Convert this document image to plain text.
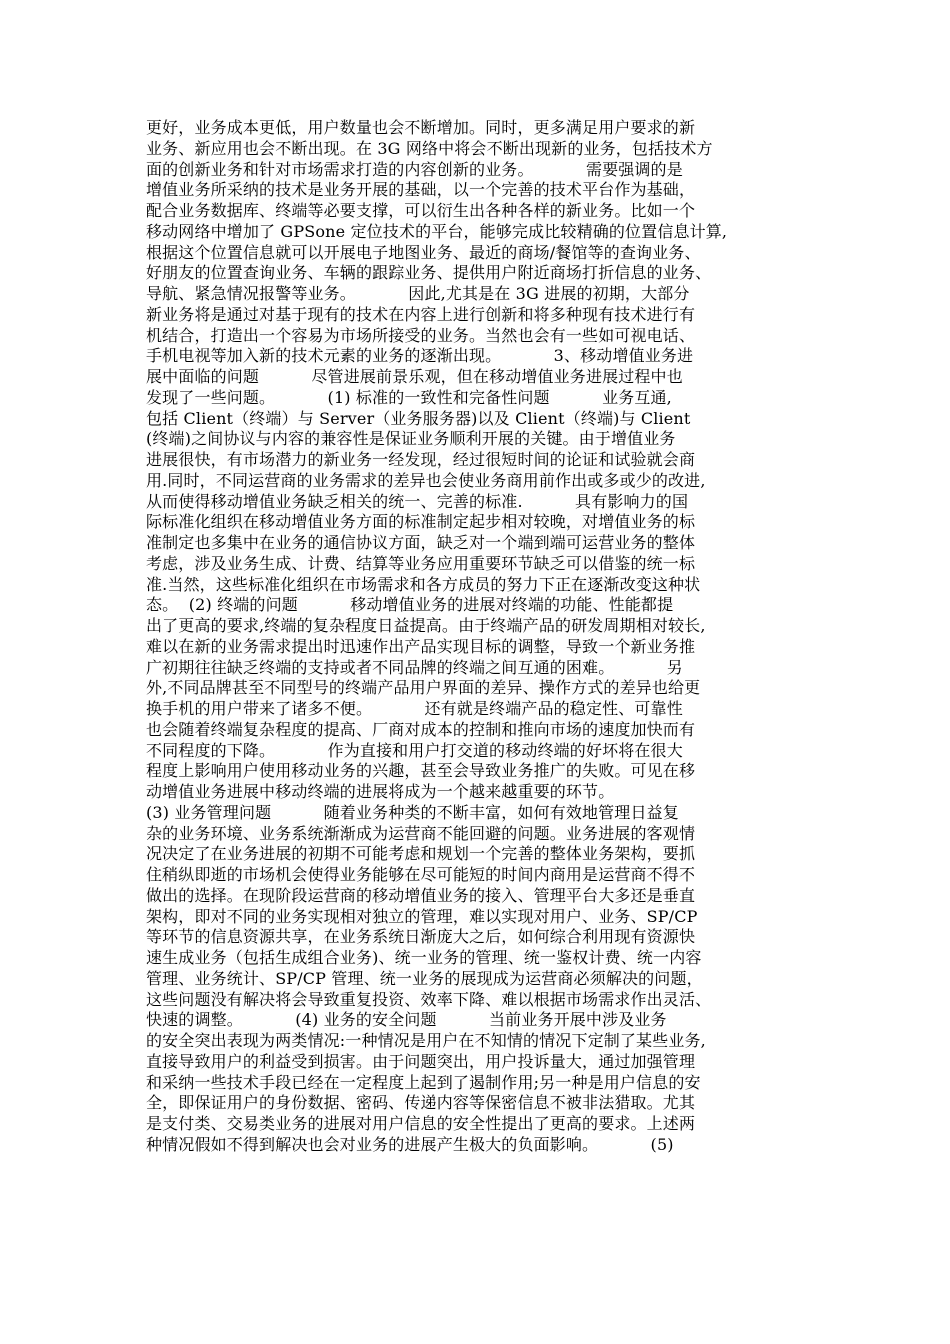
更好，业务成本更低，用户数量也会不断增加。同时，更多满足用户要求的新
业务、新应用也会不断出现。在 3G 网络中将会不断出现新的业务，包括技术方
面的创新业务和针对市场需求打造的内容创新的业务。          需要强调的是
增值业务所采纳的技术是业务开展的基础，以一个完善的技术平台作为基础，
配合业务数据库、终端等必要支撑，可以衍生出各种各样的新业务。比如一个
移动网络中增加了 GPSone 定位技术的平台，能够完成比较精确的位置信息计算,
根据这个位置信息就可以开展电子地图业务、最近的商场/餐馆等的查询业务、
好朋友的位置查询业务、车辆的跟踪业务、提供用户附近商场打折信息的业务、
导航、紧急情况报警等业务。          因此,尤其是在 3G 进展的初期，大部分
新业务将是通过对基于现有的技术在内容上进行创新和将多种现有技术进行有
机结合，打造出一个容易为市场所接受的业务。当然也会有一些如可视电话、
手机电视等加入新的技术元素的业务的逐渐出现。          3、移动增值业务进
展中面临的问题          尽管进展前景乐观，但在移动增值业务进展过程中也
发现了一些问题。          (1) 标准的一致性和完备性问题          业务互通,
包括 Client（终端）与 Server（业务服务器)以及 Client（终端)与 Client
(终端)之间协议与内容的兼容性是保证业务顺利开展的关键。由于增值业务
进展很快，有市场潜力的新业务一经发现，经过很短时间的论证和试验就会商
用.同时，不同运营商的业务需求的差异也会使业务商用前作出或多或少的改进,
从而使得移动增值业务缺乏相关的统一、完善的标准.          具有影响力的国
际标准化组织在移动增值业务方面的标准制定起步相对较晚，对增值业务的标
准制定也多集中在业务的通信协议方面，缺乏对一个端到端可运营业务的整体
考虑，涉及业务生成、计费、结算等业务应用重要环节缺乏可以借鉴的统一标
准.当然，这些标准化组织在市场需求和各方成员的努力下正在逐渐改变这种状
态。  (2) 终端的问题          移动增值业务的进展对终端的功能、性能都提
出了更高的要求,终端的复杂程度日益提高。由于终端产品的研发周期相对较长,
难以在新的业务需求提出时迅速作出产品实现目标的调整，导致一个新业务推
广初期往往缺乏终端的支持或者不同品牌的终端之间互通的困难。          另
外,不同品牌甚至不同型号的终端产品用户界面的差异、操作方式的差异也给更
换手机的用户带来了诸多不便。          还有就是终端产品的稳定性、可靠性
也会随着终端复杂程度的提高、厂商对成本的控制和推向市场的速度加快而有
不同程度的下降。          作为直接和用户打交道的移动终端的好坏将在很大
程度上影响用户使用移动业务的兴趣，甚至会导致业务推广的失败。可见在移
动增值业务进展中移动终端的进展将成为一个越来越重要的环节。
(3) 业务管理问题          随着业务种类的不断丰富，如何有效地管理日益复
杂的业务环境、业务系统渐渐成为运营商不能回避的问题。业务进展的客观情
况决定了在业务进展的初期不可能考虑和规划一个完善的整体业务架构，要抓
住稍纵即逝的市场机会使得业务能够在尽可能短的时间内商用是运营商不得不
做出的选择。在现阶段运营商的移动增值业务的接入、管理平台大多还是垂直
架构，即对不同的业务实现相对独立的管理，难以实现对用户、业务、SP/CP
等环节的信息资源共享，在业务系统日渐庞大之后，如何综合利用现有资源快
速生成业务（包括生成组合业务)、统一业务的管理、统一鉴权计费、统一内容
管理、业务统计、SP/CP 管理、统一业务的展现成为运营商必须解决的问题，
这些问题没有解决将会导致重复投资、效率下降、难以根据市场需求作出灵活、
快速的调整。          (4) 业务的安全问题          当前业务开展中涉及业务
的安全突出表现为两类情况:一种情况是用户在不知情的情况下定制了某些业务,
直接导致用户的利益受到损害。由于问题突出，用户投诉量大，通过加强管理
和采纳一些技术手段已经在一定程度上起到了遏制作用;另一种是用户信息的安
全，即保证用户的身份数据、密码、传递内容等保密信息不被非法猎取。尤其
是支付类、交易类业务的进展对用户信息的安全性提出了更高的要求。上述两
种情况假如不得到解决也会对业务的进展产生极大的负面影响。          (5)
